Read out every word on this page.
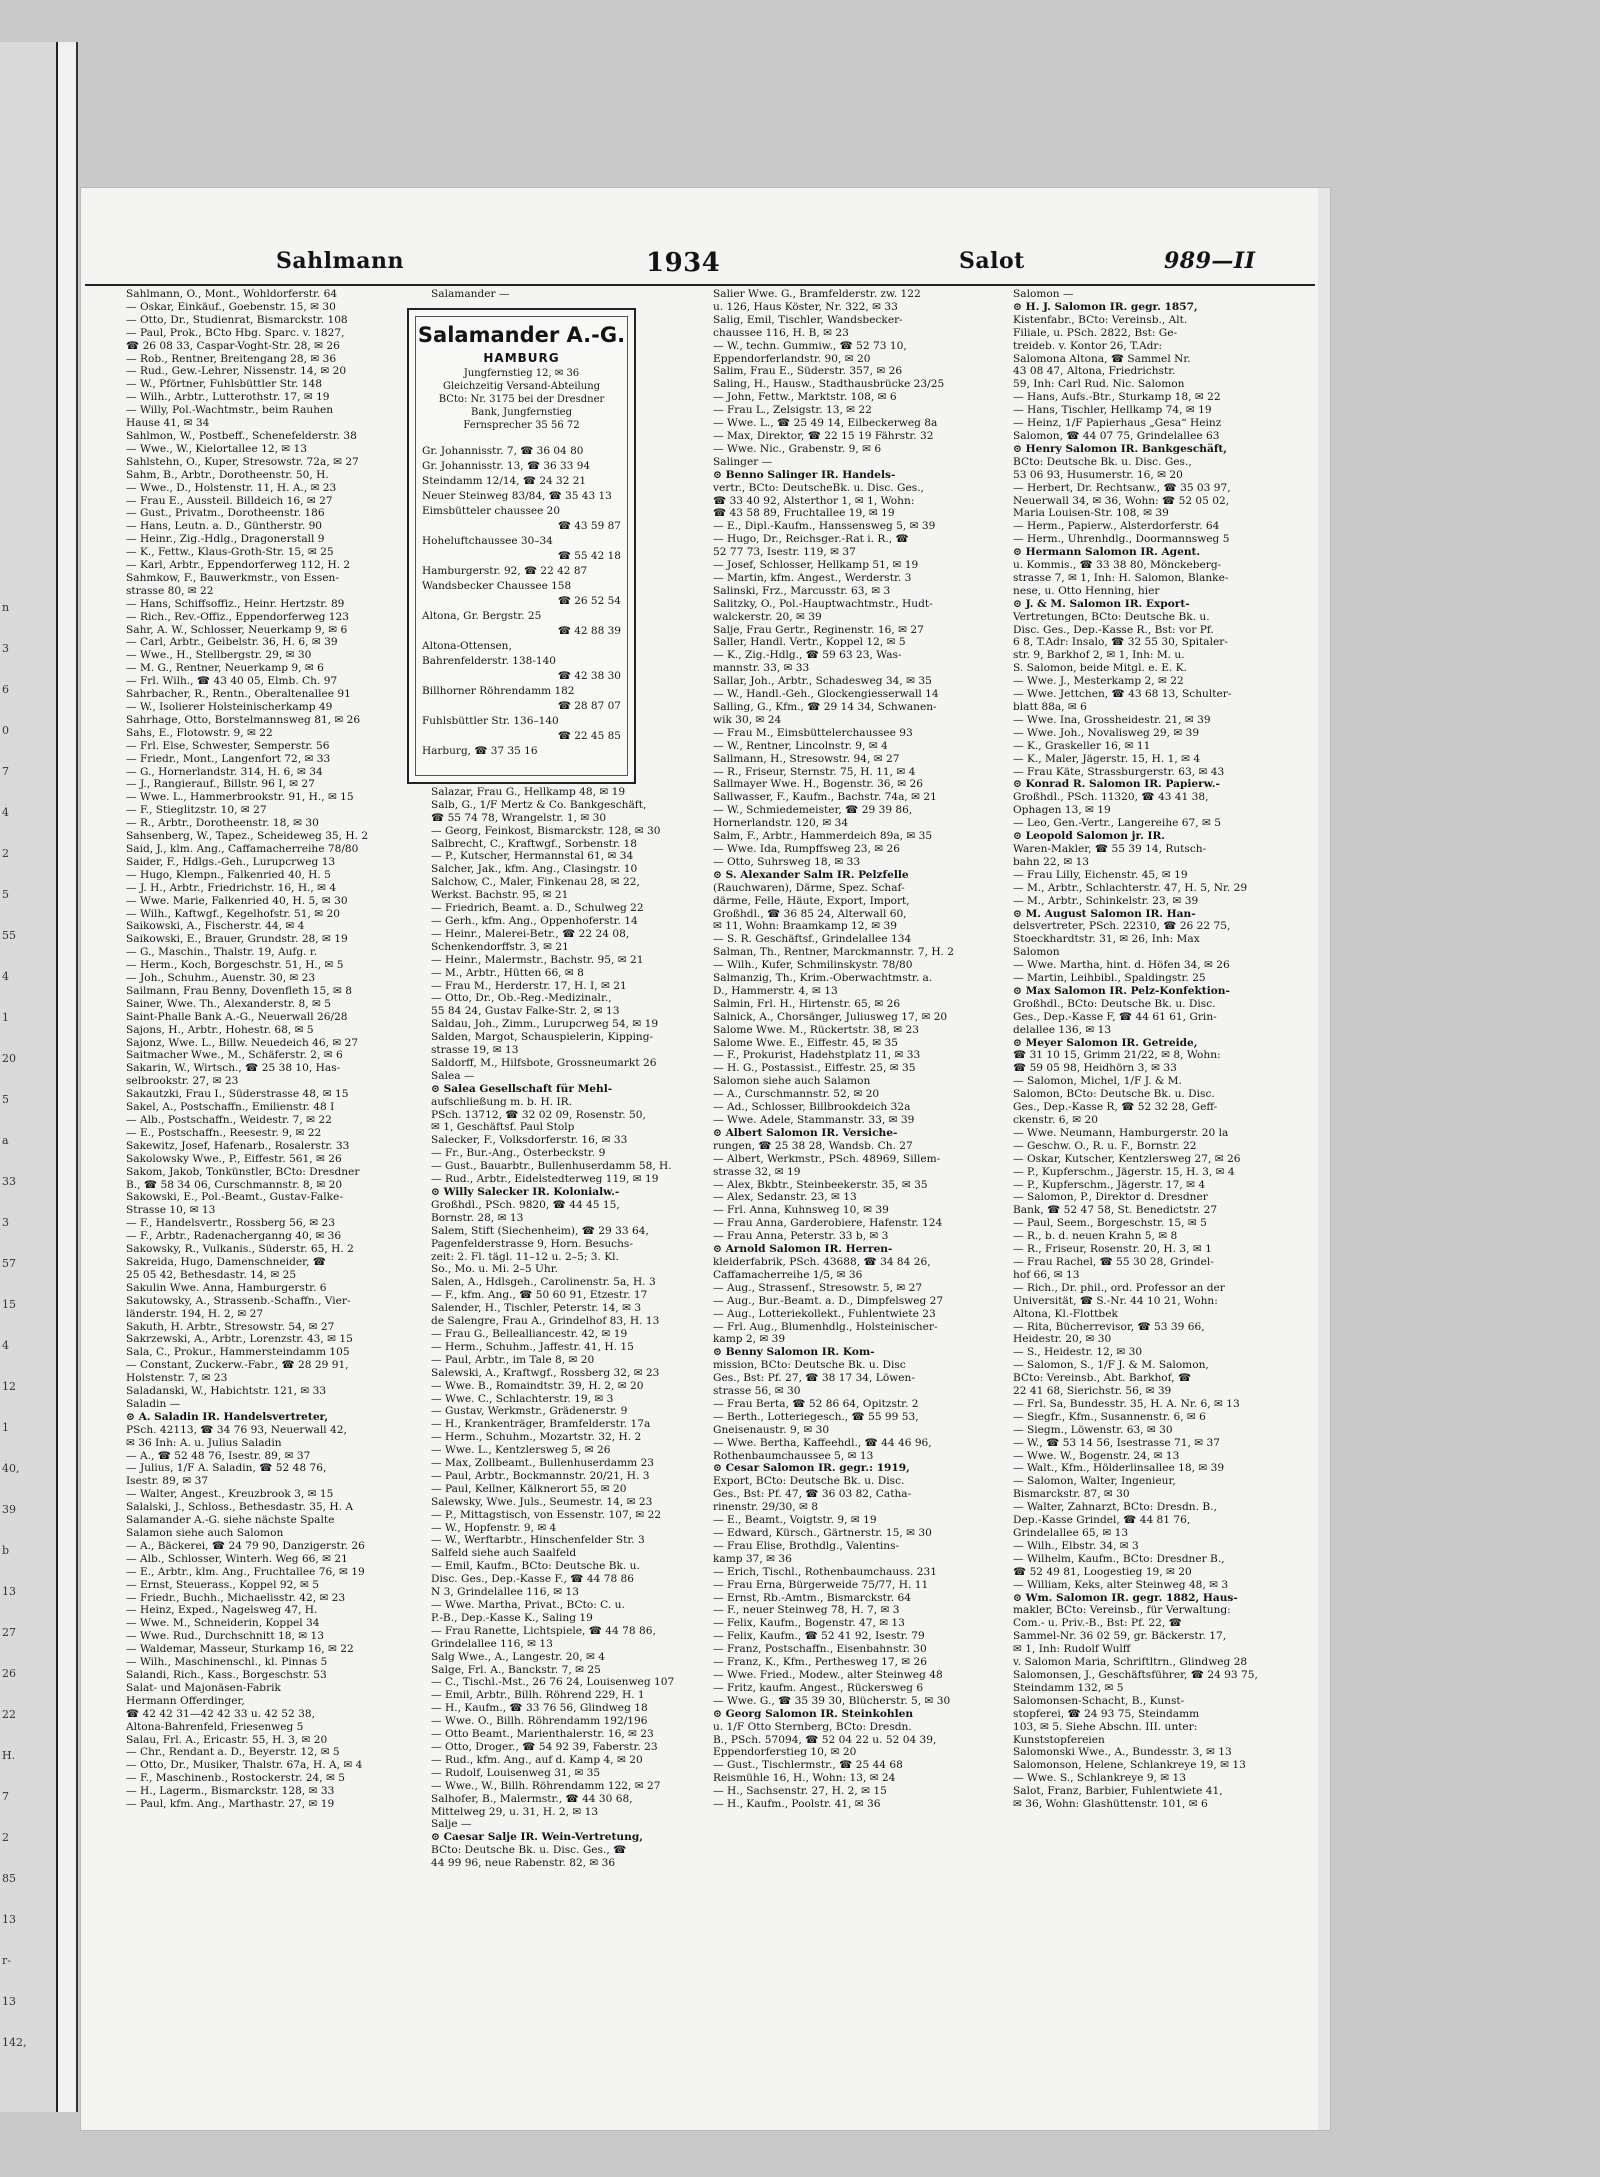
n
3
6
0
7
4
2
5
55
4
1
20
5
a
33
3
57
15
4
12
1
40,
39
b
13
27
26
22
H.
7
2
85
13
r-
13
142,
Sahlmann	1934	Salot	989—II
Sahlmann, O., Mont., Wohldorferstr. 64
— Oskar, Einkäuf., Goebenstr. 15, ✉ 30
— Otto, Dr., Studienrat, Bismarckstr. 108
— Paul, Prok., BCto Hbg. Sparc. v. 1827,
☎ 26 08 33, Caspar-Voght-Str. 28, ✉ 26
— Rob., Rentner, Breitengang 28, ✉ 36
— Rud., Gew.-Lehrer, Nissenstr. 14, ✉ 20
— W., Pförtner, Fuhlsbüttler Str. 148
— Wilh., Arbtr., Lutterothstr. 17, ✉ 19
— Willy, Pol.-Wachtmstr., beim Rauhen
Hause 41, ✉ 34
Sahlmon, W., Postbeff., Schenefelderstr. 38
— Wwe., W., Kielortallee 12, ✉ 13
Sahlstehn, O., Kuper, Stresowstr. 72a, ✉ 27
Sahm, B., Arbtr., Dorotheenstr. 50, H.
— Wwe., D., Holstenstr. 11, H. A., ✉ 23
— Frau E., Aussteil. Billdeich 16, ✉ 27
— Gust., Privatm., Dorotheenstr. 186
— Hans, Leutn. a. D., Güntherstr. 90
— Heinr., Zig.-Hdlg., Dragonerstall 9
— K., Fettw., Klaus-Groth-Str. 15, ✉ 25
— Karl, Arbtr., Eppendorferweg 112, H. 2
Sahmkow, F., Bauwerkmstr., von Essen-
strasse 80, ✉ 22
— Hans, Schiffsoffiz., Heinr. Hertzstr. 89
— Rich., Rev.-Offiz., Eppendorferweg 123
Sahr, A. W., Schlosser, Neuerkamp 9, ✉ 6
— Carl, Arbtr., Geibelstr. 36, H. 6, ✉ 39
— Wwe., H., Stellbergstr. 29, ✉ 30
— M. G., Rentner, Neuerkamp 9, ✉ 6
— Frl. Wilh., ☎ 43 40 05, Elmb. Ch. 97
Sahrbacher, R., Rentn., Oberaltenallee 91
— W., Isolierer Holsteinischerkamp 49
Sahrhage, Otto, Borstelmannsweg 81, ✉ 26
Sahs, E., Flotowstr. 9, ✉ 22
— Frl. Else, Schwester, Semperstr. 56
— Friedr., Mont., Langenfort 72, ✉ 33
— G., Hornerlandstr. 314, H. 6, ✉ 34
— J., Rangierauf., Billstr. 96 I, ✉ 27
— Wwe. L., Hammerbrookstr. 91, H., ✉ 15
— F., Stieglitzstr. 10, ✉ 27
— R., Arbtr., Dorotheenstr. 18, ✉ 30
Sahsenberg, W., Tapez., Scheideweg 35, H. 2
Said, J., klm. Ang., Caffamacherreihe 78/80
Saider, F., Hdlgs.-Geh., Lurupcrweg 13
— Hugo, Klempn., Falkenried 40, H. 5
— J. H., Arbtr., Friedrichstr. 16, H., ✉ 4
— Wwe. Marie, Falkenried 40, H. 5, ✉ 30
— Wilh., Kaftwgf., Kegelhofstr. 51, ✉ 20
Saikowski, A., Fischerstr. 44, ✉ 4
Saikowski, E., Brauer, Grundstr. 28, ✉ 19
— G., Maschin., Thalstr. 19, Aufg. r.
— Herm., Koch, Borgeschstr. 51, H., ✉ 5
— Joh., Schuhm., Auenstr. 30, ✉ 23
Sailmann, Frau Benny, Dovenfleth 15, ✉ 8
Sainer, Wwe. Th., Alexanderstr. 8, ✉ 5
Saint-Phalle Bank A.-G., Neuerwall 26/28
Sajons, H., Arbtr., Hohestr. 68, ✉ 5
Sajonz, Wwe. L., Billw. Neuedeich 46, ✉ 27
Saitmacher Wwe., M., Schäferstr. 2, ✉ 6
Sakarin, W., Wirtsch., ☎ 25 38 10, Has-
selbrookstr. 27, ✉ 23
Sakautzki, Frau I., Süderstrasse 48, ✉ 15
Sakel, A., Postschaffn., Emilienstr. 48 I
— Alb., Postschaffn., Weidestr. 7, ✉ 22
— E., Postschaffn., Reesestr. 9, ✉ 22
Sakewitz, Josef, Hafenarb., Rosalerstr. 33
Sakolowsky Wwe., P., Eiffestr. 561, ✉ 26
Sakom, Jakob, Tonkünstler, BCto: Dresdner
B., ☎ 58 34 06, Curschmannstr. 8, ✉ 20
Sakowski, E., Pol.-Beamt., Gustav-Falke-
Strasse 10, ✉ 13
— F., Handelsvertr., Rossberg 56, ✉ 23
— F., Arbtr., Radenacherganng 40, ✉ 36
Sakowsky, R., Vulkanis., Süderstr. 65, H. 2
Sakreida, Hugo, Damenschneider, ☎
25 05 42, Bethesdastr. 14, ✉ 25
Sakulin Wwe. Anna, Hamburgerstr. 6
Sakutowsky, A., Strassenb.-Schaffn., Vier-
länderstr. 194, H. 2, ✉ 27
Sakuth, H. Arbtr., Stresowstr. 54, ✉ 27
Sakrzewski, A., Arbtr., Lorenzstr. 43, ✉ 15
Sala, C., Prokur., Hammersteindamm 105
— Constant, Zuckerw.-Fabr., ☎ 28 29 91,
Holstenstr. 7, ✉ 23
Saladanski, W., Habichtstr. 121, ✉ 33
Saladin —
⊙ A. Saladin IR. Handelsvertreter,
PSch. 42113, ☎ 34 76 93, Neuerwall 42,
✉ 36 Inh: A. u. Julius Saladin
— A., ☎ 52 48 76, Isestr. 89, ✉ 37
— Julius, 1/F A. Saladin, ☎ 52 48 76,
Isestr. 89, ✉ 37
— Walter, Angest., Kreuzbrook 3, ✉ 15
Salalski, J., Schloss., Bethesdastr. 35, H. A
Salamander A.-G. siehe nächste Spalte
Salamon siehe auch Salomon
— A., Bäckerei, ☎ 24 79 90, Danzigerstr. 26
— Alb., Schlosser, Winterh. Weg 66, ✉ 21
— E., Arbtr., klm. Ang., Fruchtallee 76, ✉ 19
— Ernst, Steuerass., Koppel 92, ✉ 5
— Friedr., Buchh., Michaelisstr. 42, ✉ 23
— Heinz, Exped., Nagelsweg 47, H.
— Wwe. M., Schneiderin, Koppel 34
— Wwe. Rud., Durchschnitt 18, ✉ 13
— Waldemar, Masseur, Sturkamp 16, ✉ 22
— Wilh., Maschinenschl., kl. Pinnas 5
Salandi, Rich., Kass., Borgeschstr. 53
Salat- und Majonäsen-Fabrik
Hermann Offerdinger,
☎ 42 42 31—42 42 33 u. 42 52 38,
Altona-Bahrenfeld, Friesenweg 5
Salau, Frl. A., Ericastr. 55, H. 3, ✉ 20
— Chr., Rendant a. D., Beyerstr. 12, ✉ 5
— Otto, Dr., Musiker, Thalstr. 67a, H. A, ✉ 4
— F., Maschinenb., Rostockerstr. 24, ✉ 5
— H., Lagerm., Bismarckstr. 128, ✉ 33
— Paul, kfm. Ang., Marthastr. 27, ✉ 19
Salamander —
Salazar, Frau G., Hellkamp 48, ✉ 19
Salb, G., 1/F Mertz & Co. Bankgeschäft,
☎ 55 74 78, Wrangelstr. 1, ✉ 30
— Georg, Feinkost, Bismarckstr. 128, ✉ 30
Salbrecht, C., Kraftwgf., Sorbenstr. 18
— P., Kutscher, Hermannstal 61, ✉ 34
Salcher, Jak., kfm. Ang., Clasingstr. 10
Salchow, C., Maler, Finkenau 28, ✉ 22,
Werkst. Bachstr. 95, ✉ 21
— Friedrich, Beamt. a. D., Schulweg 22
— Gerh., kfm. Ang., Oppenhoferstr. 14
— Heinr., Malerei-Betr., ☎ 22 24 08,
Schenkendorffstr. 3, ✉ 21
— Heinr., Malermstr., Bachstr. 95, ✉ 21
— M., Arbtr., Hütten 66, ✉ 8
— Frau M., Herderstr. 17, H. I, ✉ 21
— Otto, Dr., Ob.-Reg.-Medizinalr.,
55 84 24, Gustav Falke-Str. 2, ✉ 13
Saldau, Joh., Zimm., Lurupcrweg 54, ✉ 19
Salden, Margot, Schauspielerin, Kipping-
strasse 19, ✉ 13
Saldorff, M., Hilfsbote, Grossneumarkt 26
Salea —
⊙ Salea Gesellschaft für Mehl-
aufschließung m. b. H. IR.
PSch. 13712, ☎ 32 02 09, Rosenstr. 50,
✉ 1, Geschäftsf. Paul Stolp
Salecker, F., Volksdorferstr. 16, ✉ 33
— Fr., Bur.-Ang., Osterbeckstr. 9
— Gust., Bauarbtr., Bullenhuserdamm 58, H.
— Rud., Arbtr., Eidelstedterweg 119, ✉ 19
⊙ Willy Salecker IR. Kolonialw.-
Großhdl., PSch. 9820, ☎ 44 45 15,
Bornstr. 28, ✉ 13
Salem, Stift (Siechenheim), ☎ 29 33 64,
Pagenfelderstrasse 9, Horn. Besuchs-
zeit: 2. Fl. tägl. 11–12 u. 2–5; 3. Kl.
So., Mo. u. Mi. 2–5 Uhr.
Salen, A., Hdlsgeh., Carolinenstr. 5a, H. 3
— F., kfm. Ang., ☎ 50 60 91, Etzestr. 17
Salender, H., Tischler, Peterstr. 14, ✉ 3
de Salengre, Frau A., Grindelhof 83, H. 13
— Frau G., Bellealliancestr. 42, ✉ 19
— Herm., Schuhm., Jaffestr. 41, H. 15
— Paul, Arbtr., im Tale 8, ✉ 20
Salewski, A., Kraftwgf., Rossberg 32, ✉ 23
— Wwe. B., Romaindtstr. 39, H. 2, ✉ 20
— Wwe. C., Schlachterstr. 19, ✉ 3
— Gustav, Werkmstr., Grädenerstr. 9
— H., Krankenträger, Bramfelderstr. 17a
— Herm., Schuhm., Mozartstr. 32, H. 2
— Wwe. L., Kentzlersweg 5, ✉ 26
— Max, Zollbeamt., Bullenhuserdamm 23
— Paul, Arbtr., Bockmannstr. 20/21, H. 3
— Paul, Kellner, Kälknerort 55, ✉ 20
Salewsky, Wwe. Juls., Seumestr. 14, ✉ 23
— P., Mittagstisch, von Essenstr. 107, ✉ 22
— W., Hopfenstr. 9, ✉ 4
— W., Werftarbtr., Hinschenfelder Str. 3
Salfeld siehe auch Saalfeld
— Emil, Kaufm., BCto: Deutsche Bk. u.
Disc. Ges., Dep.-Kasse F., ☎ 44 78 86
N 3, Grindelallee 116, ✉ 13
— Wwe. Martha, Privat., BCto: C. u.
P.-B., Dep.-Kasse K., Saling 19
— Frau Ranette, Lichtspiele, ☎ 44 78 86,
Grindelallee 116, ✉ 13
Salg Wwe., A., Langestr. 20, ✉ 4
Salge, Frl. A., Banckstr. 7, ✉ 25
— C., Tischl.-Mst., 26 76 24, Louisenweg 107
— Emil, Arbtr., Billh. Röhrend 229, H. 1
— H., Kaufm., ☎ 33 76 56, Glindweg 18
— Wwe. O., Billh. Röhrendamm 192/196
— Otto Beamt., Marienthalerstr. 16, ✉ 23
— Otto, Droger., ☎ 54 92 39, Faberstr. 23
— Rud., kfm. Ang., auf d. Kamp 4, ✉ 20
— Rudolf, Louisenweg 31, ✉ 35
— Wwe., W., Billh. Röhrendamm 122, ✉ 27
Salhofer, B., Malermstr., ☎ 44 30 68,
Mittelweg 29, u. 31, H. 2, ✉ 13
Salje —
⊙ Caesar Salje IR. Wein-Vertretung,
BCto: Deutsche Bk. u. Disc. Ges., ☎
44 99 96, neue Rabenstr. 82, ✉ 36
Salier Wwe. G., Bramfelderstr. zw. 122
u. 126, Haus Köster, Nr. 322, ✉ 33
Salig, Emil, Tischler, Wandsbecker-
chaussee 116, H. B, ✉ 23
— W., techn. Gummiw., ☎ 52 73 10,
Eppendorferlandstr. 90, ✉ 20
Salim, Frau E., Süderstr. 357, ✉ 26
Saling, H., Hausw., Stadthausbrücke 23/25
— John, Fettw., Marktstr. 108, ✉ 6
— Frau L., Zelsigstr. 13, ✉ 22
— Wwe. L., ☎ 25 49 14, Eilbeckerweg 8a
— Max, Direktor, ☎ 22 15 19 Fährstr. 32
— Wwe. Nic., Grabenstr. 9, ✉ 6
Salinger —
⊙ Benno Salinger IR. Handels-
vertr., BCto: DeutscheBk. u. Disc. Ges.,
☎ 33 40 92, Alsterthor 1, ✉ 1, Wohn:
☎ 43 58 89, Fruchtallee 19, ✉ 19
— E., Dipl.-Kaufm., Hanssensweg 5, ✉ 39
— Hugo, Dr., Reichsger.-Rat i. R., ☎
52 77 73, Isestr. 119, ✉ 37
— Josef, Schlosser, Hellkamp 51, ✉ 19
— Martin, kfm. Angest., Werderstr. 3
Salinski, Frz., Marcusstr. 63, ✉ 3
Salitzky, O., Pol.-Hauptwachtmstr., Hudt-
walckerstr. 20, ✉ 39
Salje, Frau Gertr., Reginenstr. 16, ✉ 27
Saller, Handl. Vertr., Koppel 12, ✉ 5
— K., Zig.-Hdlg., ☎ 59 63 23, Was-
mannstr. 33, ✉ 33
Sallar, Joh., Arbtr., Schadesweg 34, ✉ 35
— W., Handl.-Geh., Glockengiesserwall 14
Salling, G., Kfm., ☎ 29 14 34, Schwanen-
wik 30, ✉ 24
— Frau M., Eimsbüttelerchaussee 93
— W., Rentner, Lincolnstr. 9, ✉ 4
Sallmann, H., Stresowstr. 94, ✉ 27
— R., Friseur, Sternstr. 75, H. 11, ✉ 4
Sallmayer Wwe. H., Bogenstr. 36, ✉ 26
Sallwasser, F., Kaufm., Bachstr. 74a, ✉ 21
— W., Schmiedemeister, ☎ 29 39 86,
Hornerlandstr. 120, ✉ 34
Salm, F., Arbtr., Hammerdeich 89a, ✉ 35
— Wwe. Ida, Rumpffsweg 23, ✉ 26
— Otto, Suhrsweg 18, ✉ 33
⊙ S. Alexander Salm IR. Pelzfelle
(Rauchwaren), Därme, Spez. Schaf-
därme, Felle, Häute, Export, Import,
Großhdl., ☎ 36 85 24, Alterwall 60,
✉ 11, Wohn: Braamkamp 12, ✉ 39
— S. R. Geschäftsf., Grindelallee 134
Salman, Th., Rentner, Marckmannstr. 7, H. 2
— Wilh., Kufer, Schmilinskystr. 78/80
Salmanzig, Th., Krim.-Oberwachtmstr. a.
D., Hammerstr. 4, ✉ 13
Salmin, Frl. H., Hirtenstr. 65, ✉ 26
Salnick, A., Chorsänger, Juliusweg 17, ✉ 20
Salome Wwe. M., Rückertstr. 38, ✉ 23
Salome Wwe. E., Eiffestr. 45, ✉ 35
— F., Prokurist, Hadehstplatz 11, ✉ 33
— H. G., Postassist., Eiffestr. 25, ✉ 35
Salomon siehe auch Salamon
— A., Curschmannstr. 52, ✉ 20
— Ad., Schlosser, Billbrookdeich 32a
— Wwe. Adele, Stammanstr. 33, ✉ 39
⊙ Albert Salomon IR. Versiche-
rungen, ☎ 25 38 28, Wandsb. Ch. 27
— Albert, Werkmstr., PSch. 48969, Sillem-
strasse 32, ✉ 19
— Alex, Bkbtr., Steinbeekerstr. 35, ✉ 35
— Alex, Sedanstr. 23, ✉ 13
— Frl. Anna, Kuhnsweg 10, ✉ 39
— Frau Anna, Garderobiere, Hafenstr. 124
— Frau Anna, Peterstr. 33 b, ✉ 3
⊙ Arnold Salomon IR. Herren-
kleiderfabrik, PSch. 43688, ☎ 34 84 26,
Caffamacherreihe 1/5, ✉ 36
— Aug., Strassenf., Stresowstr. 5, ✉ 27
— Aug., Bur.-Beamt. a. D., Dimpfelsweg 27
— Aug., Lotteriekollekt., Fuhlentwiete 23
— Frl. Aug., Blumenhdlg., Holsteinischer-
kamp 2, ✉ 39
⊙ Benny Salomon IR. Kom-
mission, BCto: Deutsche Bk. u. Disc
Ges., Bst: Pf. 27, ☎ 38 17 34, Löwen-
strasse 56, ✉ 30
— Frau Berta, ☎ 52 86 64, Opitzstr. 2
— Berth., Lotteriegesch., ☎ 55 99 53,
Gneisenaustr. 9, ✉ 30
— Wwe. Bertha, Kaffeehdl., ☎ 44 46 96,
Rothenbaumchaussee 5, ✉ 13
⊙ Cesar Salomon IR. gegr.: 1919,
Export, BCto: Deutsche Bk. u. Disc.
Ges., Bst: Pf. 47, ☎ 36 03 82, Catha-
rinenstr. 29/30, ✉ 8
— E., Beamt., Voigtstr. 9, ✉ 19
— Edward, Kürsch., Gärtnerstr. 15, ✉ 30
— Frau Elise, Brothdlg., Valentins-
kamp 37, ✉ 36
— Erich, Tischl., Rothenbaumchauss. 231
— Frau Erna, Bürgerweide 75/77, H. 11
— Ernst, Rb.-Amtm., Bismarckstr. 64
— F., neuer Steinweg 78, H. 7, ✉ 3
— Felix, Kaufm., Bogenstr. 47, ✉ 13
— Felix, Kaufm., ☎ 52 41 92, Isestr. 79
— Franz, Postschaffn., Eisenbahnstr. 30
— Franz, K., Kfm., Perthesweg 17, ✉ 26
— Wwe. Fried., Modew., alter Steinweg 48
— Fritz, kaufm. Angest., Rückersweg 6
— Wwe. G., ☎ 35 39 30, Blücherstr. 5, ✉ 30
⊙ Georg Salomon IR. Steinkohlen
u. 1/F Otto Sternberg, BCto: Dresdn.
B., PSch. 57094, ☎ 52 04 22 u. 52 04 39,
Eppendorferstieg 10, ✉ 20
— Gust., Tischlermstr., ☎ 25 44 68
Reismühle 16, H., Wohn: 13, ✉ 24
— H., Sachsenstr. 27, H. 2, ✉ 15
— H., Kaufm., Poolstr. 41, ✉ 36
Salomon —
⊙ H. J. Salomon IR. gegr. 1857,
Kistenfabr., BCto: Vereinsb., Alt.
Filiale, u. PSch. 2822, Bst: Ge-
treideb. v. Kontor 26, T.Adr:
Salomona Altona, ☎ Sammel Nr.
43 08 47, Altona, Friedrichstr.
59, Inh: Carl Rud. Nic. Salomon
— Hans, Aufs.-Btr., Sturkamp 18, ✉ 22
— Hans, Tischler, Hellkamp 74, ✉ 19
— Heinz, 1/F Papierhaus „Gesa“ Heinz
Salomon, ☎ 44 07 75, Grindelallee 63
⊙ Henry Salomon IR. Bankgeschäft,
BCto: Deutsche Bk. u. Disc. Ges.,
53 06 93, Husumerstr. 16, ✉ 20
— Herbert, Dr. Rechtsanw., ☎ 35 03 97,
Neuerwall 34, ✉ 36, Wohn: ☎ 52 05 02,
Maria Louisen-Str. 108, ✉ 39
— Herm., Papierw., Alsterdorferstr. 64
— Herm., Uhrenhdlg., Doormannsweg 5
⊙ Hermann Salomon IR. Agent.
u. Kommis., ☎ 33 38 80, Mönckeberg-
strasse 7, ✉ 1, Inh: H. Salomon, Blanke-
nese, u. Otto Henning, hier
⊙ J. & M. Salomon IR. Export-
Vertretungen, BCto: Deutsche Bk. u.
Disc. Ges., Dep.-Kasse R., Bst: vor Pf.
6 8, T.Adr: Insalo, ☎ 32 55 30, Spitaler-
str. 9, Barkhof 2, ✉ 1, Inh: M. u.
S. Salomon, beide Mitgl. e. E. K.
— Wwe. J., Mesterkamp 2, ✉ 22
— Wwe. Jettchen, ☎ 43 68 13, Schulter-
blatt 88a, ✉ 6
— Wwe. Ina, Grossheidestr. 21, ✉ 39
— Wwe. Joh., Novalisweg 29, ✉ 39
— K., Graskeller 16, ✉ 11
— K., Maler, Jägerstr. 15, H. 1, ✉ 4
— Frau Käte, Strassburgerstr. 63, ✉ 43
⊙ Konrad R. Salomon IR. Papierw.-
Großhdl., PSch. 11320, ☎ 43 41 38,
Ophagen 13, ✉ 19
— Leo, Gen.-Vertr., Langereihe 67, ✉ 5
⊙ Leopold Salomon jr. IR.
Waren-Makler, ☎ 55 39 14, Rutsch-
bahn 22, ✉ 13
— Frau Lilly, Eichenstr. 45, ✉ 19
— M., Arbtr., Schlachterstr. 47, H. 5, Nr. 29
— M., Arbtr., Schinkelstr. 23, ✉ 39
⊙ M. August Salomon IR. Han-
delsvertreter, PSch. 22310, ☎ 26 22 75,
Stoeckhardtstr. 31, ✉ 26, Inh: Max
Salomon
— Wwe. Martha, hint. d. Höfen 34, ✉ 26
— Martin, Leihbibl., Spaldingstr. 25
⊙ Max Salomon IR. Pelz-Konfektion-
Großhdl., BCto: Deutsche Bk. u. Disc.
Ges., Dep.-Kasse F, ☎ 44 61 61, Grin-
delallee 136, ✉ 13
⊙ Meyer Salomon IR. Getreide,
☎ 31 10 15, Grimm 21/22, ✉ 8, Wohn:
☎ 59 05 98, Heidhörn 3, ✉ 33
— Salomon, Michel, 1/F J. & M.
Salomon, BCto: Deutsche Bk. u. Disc.
Ges., Dep.-Kasse R, ☎ 52 32 28, Geff-
ckenstr. 6, ✉ 20
— Wwe. Neumann, Hamburgerstr. 20 la
— Geschw. O., R. u. F., Bornstr. 22
— Oskar, Kutscher, Kentzlersweg 27, ✉ 26
— P., Kupferschm., Jägerstr. 15, H. 3, ✉ 4
— P., Kupferschm., Jägerstr. 17, ✉ 4
— Salomon, P., Direktor d. Dresdner
Bank, ☎ 52 47 58, St. Benedictstr. 27
— Paul, Seem., Borgeschstr. 15, ✉ 5
— R., b. d. neuen Krahn 5, ✉ 8
— R., Friseur, Rosenstr. 20, H. 3, ✉ 1
— Frau Rachel, ☎ 55 30 28, Grindel-
hof 66, ✉ 13
— Rich., Dr. phil., ord. Professor an der
Universität, ☎ S.-Nr. 44 10 21, Wohn:
Altona, Kl.-Flottbek
— Rita, Bücherrevisor, ☎ 53 39 66,
Heidestr. 20, ✉ 30
— S., Heidestr. 12, ✉ 30
— Salomon, S., 1/F J. & M. Salomon,
BCto: Vereinsb., Abt. Barkhof, ☎
22 41 68, Sierichstr. 56, ✉ 39
— Frl. Sa, Bundesstr. 35, H. A. Nr. 6, ✉ 13
— Siegfr., Kfm., Susannenstr. 6, ✉ 6
— Siegm., Löwenstr. 63, ✉ 30
— W., ☎ 53 14 56, Isestrasse 71, ✉ 37
— Wwe. W., Bogenstr. 24, ✉ 13
— Walt., Kfm., Hölderlinsallee 18, ✉ 39
— Salomon, Walter, Ingenieur,
Bismarckstr. 87, ✉ 30
— Walter, Zahnarzt, BCto: Dresdn. B.,
Dep.-Kasse Grindel, ☎ 44 81 76,
Grindelallee 65, ✉ 13
— Wilh., Elbstr. 34, ✉ 3
— Wilhelm, Kaufm., BCto: Dresdner B.,
☎ 52 49 81, Loogestieg 19, ✉ 20
— William, Keks, alter Steinweg 48, ✉ 3
⊙ Wm. Salomon IR. gegr. 1882, Haus-
makler, BCto: Vereinsb., für Verwaltung:
Com.- u. Priv.-B., Bst: Pf. 22, ☎
Sammel-Nr. 36 02 59, gr. Bäckerstr. 17,
✉ 1, Inh: Rudolf Wulff
v. Salomon Maria, Schriftltrn., Glindweg 28
Salomonsen, J., Geschäftsführer, ☎ 24 93 75,
Steindamm 132, ✉ 5
Salomonsen-Schacht, B., Kunst-
stopferei, ☎ 24 93 75, Steindamm
103, ✉ 5. Siehe Abschn. III. unter:
Kunststopfereien
Salomonski Wwe., A., Bundesstr. 3, ✉ 13
Salomonson, Helene, Schlankreye 19, ✉ 13
— Wwe. S., Schlankreye 9, ✉ 13
Salot, Franz, Barbier, Fuhlentwiete 41,
✉ 36, Wohn: Glashüttenstr. 101, ✉ 6
Salamander A.-G.
HAMBURG
Jungfernstieg 12, ✉ 36
Gleichzeitig Versand-Abteilung
BCto: Nr. 3175 bei der Dresdner
Bank, Jungfernstieg
Fernsprecher 35 56 72
Gr. Johannisstr. 7, ☎ 36 04 80
Gr. Johannisstr. 13, ☎ 36 33 94
Steindamm 12/14, ☎ 24 32 21
Neuer Steinweg 83/84, ☎ 35 43 13
Eimsbütteler chaussee 20
☎ 43 59 87
Hoheluftchaussee 30–34
☎ 55 42 18
Hamburgerstr. 92, ☎ 22 42 87
Wandsbecker Chaussee 158
☎ 26 52 54
Altona, Gr. Bergstr. 25
☎ 42 88 39
Altona-Ottensen,
Bahrenfelderstr. 138-140
☎ 42 38 30
Billhorner Röhrendamm 182
☎ 28 87 07
Fuhlsbüttler Str. 136–140
☎ 22 45 85
Harburg, ☎ 37 35 16
